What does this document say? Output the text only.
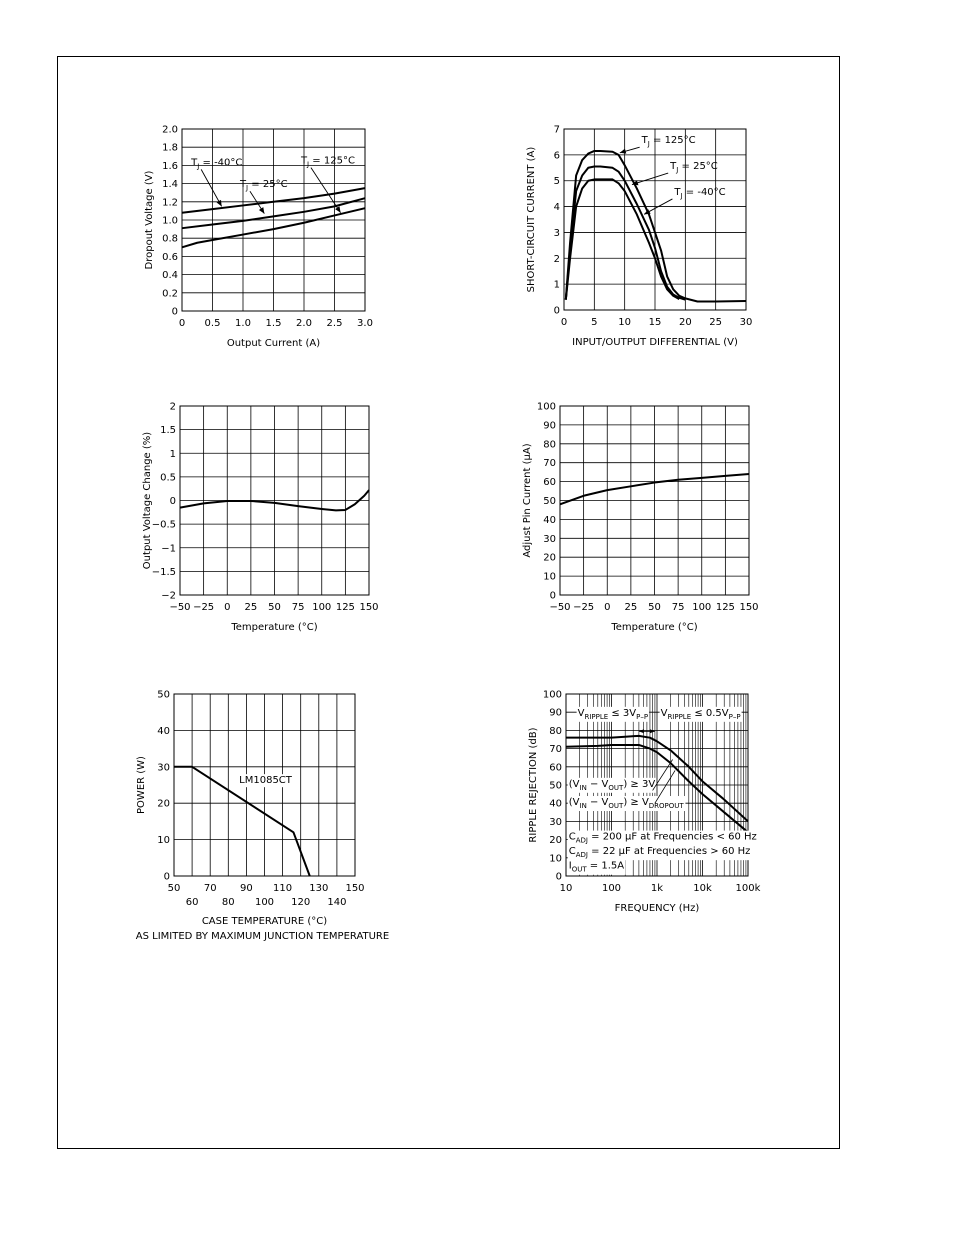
0
0.2
0.4
0.6
0.8
1.0
1.2
1.4
1.6
1.8
2.0
0 0.5 1.0 1.5 2.0 2.5 3.0
Output Current (A)
Dropout Voltage (V)
$T_J = -40^\circ C$
$T_J = 25^\circ C$
$T_J = 125^\circ C$
0
1
2
3
4
5
6
7
0 5 10 15 20 25 30
INPUT/OUTPUT DIFFERENTIAL (V)
SHORT-CIRCUIT CURRENT (A)
$T_J = 125^\circ C$
$T_J = 25^\circ C$
$T_J = -40^\circ C$
−2
−1.5
−1
−0.5
0
0.5
1
1.5
2
−50 −25 0 25 50 75 100 125 150
Temperature (°C)
Output Voltage Change (%)
0
10
20
30
40
50
60
70
80
90
100
−50 −25 0 25 50 75 100 125 150
Temperature (°C)
Adjust Pin Current (μA)
0
10
20
30
40
50
50 70 90 110 130 150
60 80 100 120 140
CASE TEMPERATURE (°C)
AS LIMITED BY MAXIMUM JUNCTION TEMPERATURE
POWER (W)	LM1085CT
0
10
20
30
40
50
60
70
80
90
100
10	100	1k	10k 100k
FREQUENCY (Hz)
RIPPLE REJECTION (dB)
$V_{RIPPLE} \le 3V_{P-P}$ $V_{RIPPLE} \le 0.5V_{P-P}$
$(V_{IN} - V_{OUT}) \ge 3V$
$(V_{IN} - V_{OUT}) \ge V_{DROPOUT}$
$C_{ADJ} = 200$ μF at Frequencies < 60 Hz
$C_{ADJ} = 22$ μF at Frequencies > 60 Hz
$I_{OUT} = 1.5A$
